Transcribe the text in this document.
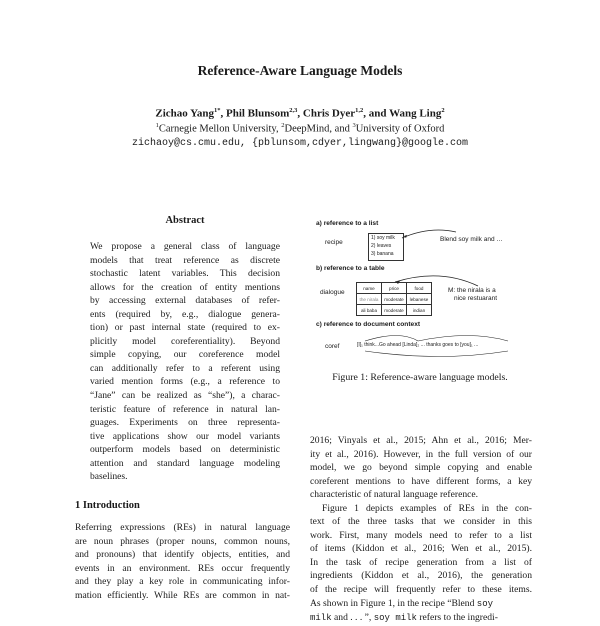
Reference-Aware Language Models
Zichao Yang$^{1*}$, Phil Blunsom$^{2,3}$, Chris Dyer$^{1,2}$, and Wang Ling$^2$
$^1$Carnegie Mellon University, $^2$DeepMind, and $^3$University of Oxford
zichaoy@cs.cmu.edu, {pblunsom,cdyer,lingwang}@google.com
Abstract
We propose a general class of language
models that treat reference as discrete
stochastic latent variables. This decision
allows for the creation of entity mentions
by accessing external databases of refer-
ents (required by, e.g., dialogue genera-
tion) or past internal state (required to ex-
plicitly model coreferentiality). Beyond
simple copying, our coreference model
can additionally refer to a referent using
varied mention forms (e.g., a reference to
“Jane” can be realized as “she”), a charac-
teristic feature of reference in natural lan-
guages. Experiments on three representa-
tive applications show our model variants
outperform models based on deterministic
attention and standard language modeling
baselines.
1 Introduction
Referring expressions (REs) in natural language
are noun phrases (proper nouns, common nouns,
and pronouns) that identify objects, entities, and
events in an environment. REs occur frequently
and they play a key role in communicating infor-
mation efficiently. While REs are common in nat-
a) reference to a list
recipe
1) soy milk
2) leaves
3) banana
Blend soy milk and …
b) reference to a table
dialogue
name	price	food
the nirala	moderate	lebanese
ali baba	moderate	indian
M: the nirala is a
nice restuarant
c) reference to document context
coref	[I]₁ think...Go ahead [Linda]₂ ... thanks goes to [you]₁ ...
Figure 1: Reference-aware language models.
2016; Vinyals et al., 2015; Ahn et al., 2016; Mer-
ity et al., 2016). However, in the full version of our
model, we go beyond simple copying and enable
coreferent mentions to have different forms, a key
characteristic of natural language reference.
Figure 1 depicts examples of REs in the con-
text of the three tasks that we consider in this
work. First, many models need to refer to a list
of items (Kiddon et al., 2016; Wen et al., 2015).
In the task of recipe generation from a list of
ingredients (Kiddon et al., 2016), the generation
of the recipe will frequently refer to these items.
As shown in Figure 1, in the recipe “Blend soy
milk and . . . ”, soy milk refers to the ingredi-
